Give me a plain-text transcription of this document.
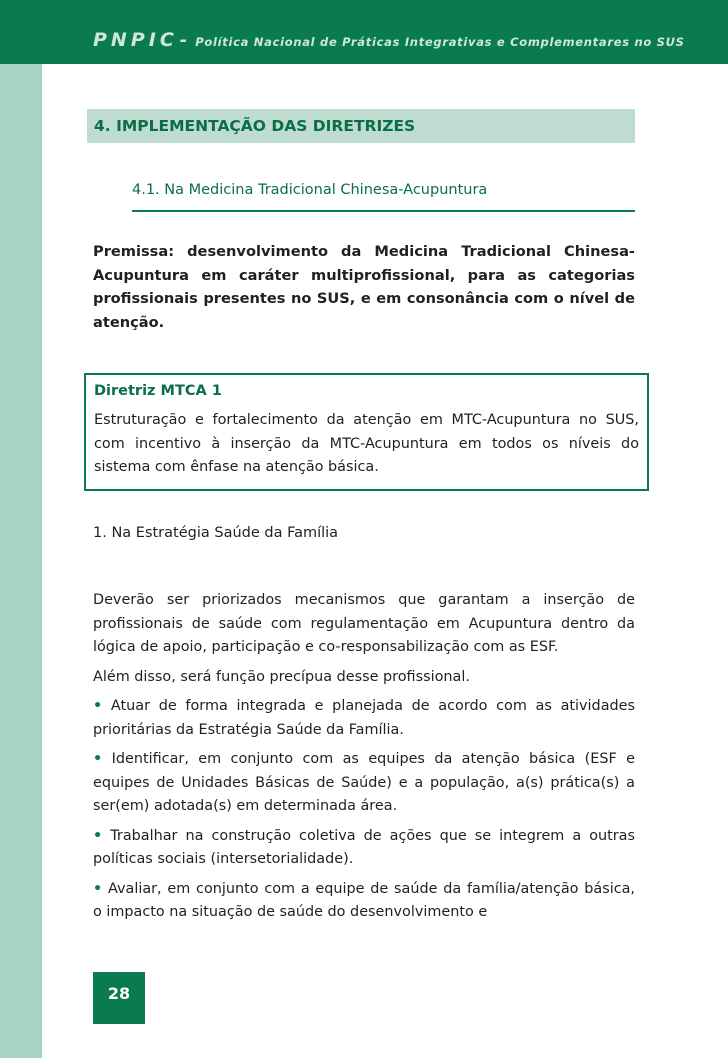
PNPIC - Política Nacional de Práticas Integrativas e Complementares no SUS
4. IMPLEMENTAÇÃO DAS DIRETRIZES
4.1. Na Medicina Tradicional Chinesa-Acupuntura

Premissa: desenvolvimento da Medicina Tradicional Chinesa-Acupuntura em caráter multiprofissional, para as categorias profissionais presentes no SUS, e em consonância com o nível de atenção.

Diretriz MTCA 1

Estruturação e fortalecimento da atenção em MTC-Acupuntura no SUS, com incentivo à inserção da MTC-Acupuntura em todos os níveis do sistema com ênfase na atenção básica.

1. Na Estratégia Saúde da Família

Deverão ser priorizados mecanismos que garantam a inserção de profissionais de saúde com regulamentação em Acupuntura dentro da lógica de apoio, participação e co-responsabilização com as ESF.

Além disso, será função precípua desse profissional.

• Atuar de forma integrada e planejada de acordo com as atividades prioritárias da Estratégia Saúde da Família.

• Identificar, em conjunto com as equipes da atenção básica (ESF e equipes de Unidades Básicas de Saúde) e a população, a(s) prática(s) a ser(em) adotada(s) em determinada área.

• Trabalhar na construção coletiva de ações que se integrem a outras políticas sociais (intersetorialidade).

• Avaliar, em conjunto com a equipe de saúde da família/atenção básica, o impacto na situação de saúde do desenvolvimento e

28
